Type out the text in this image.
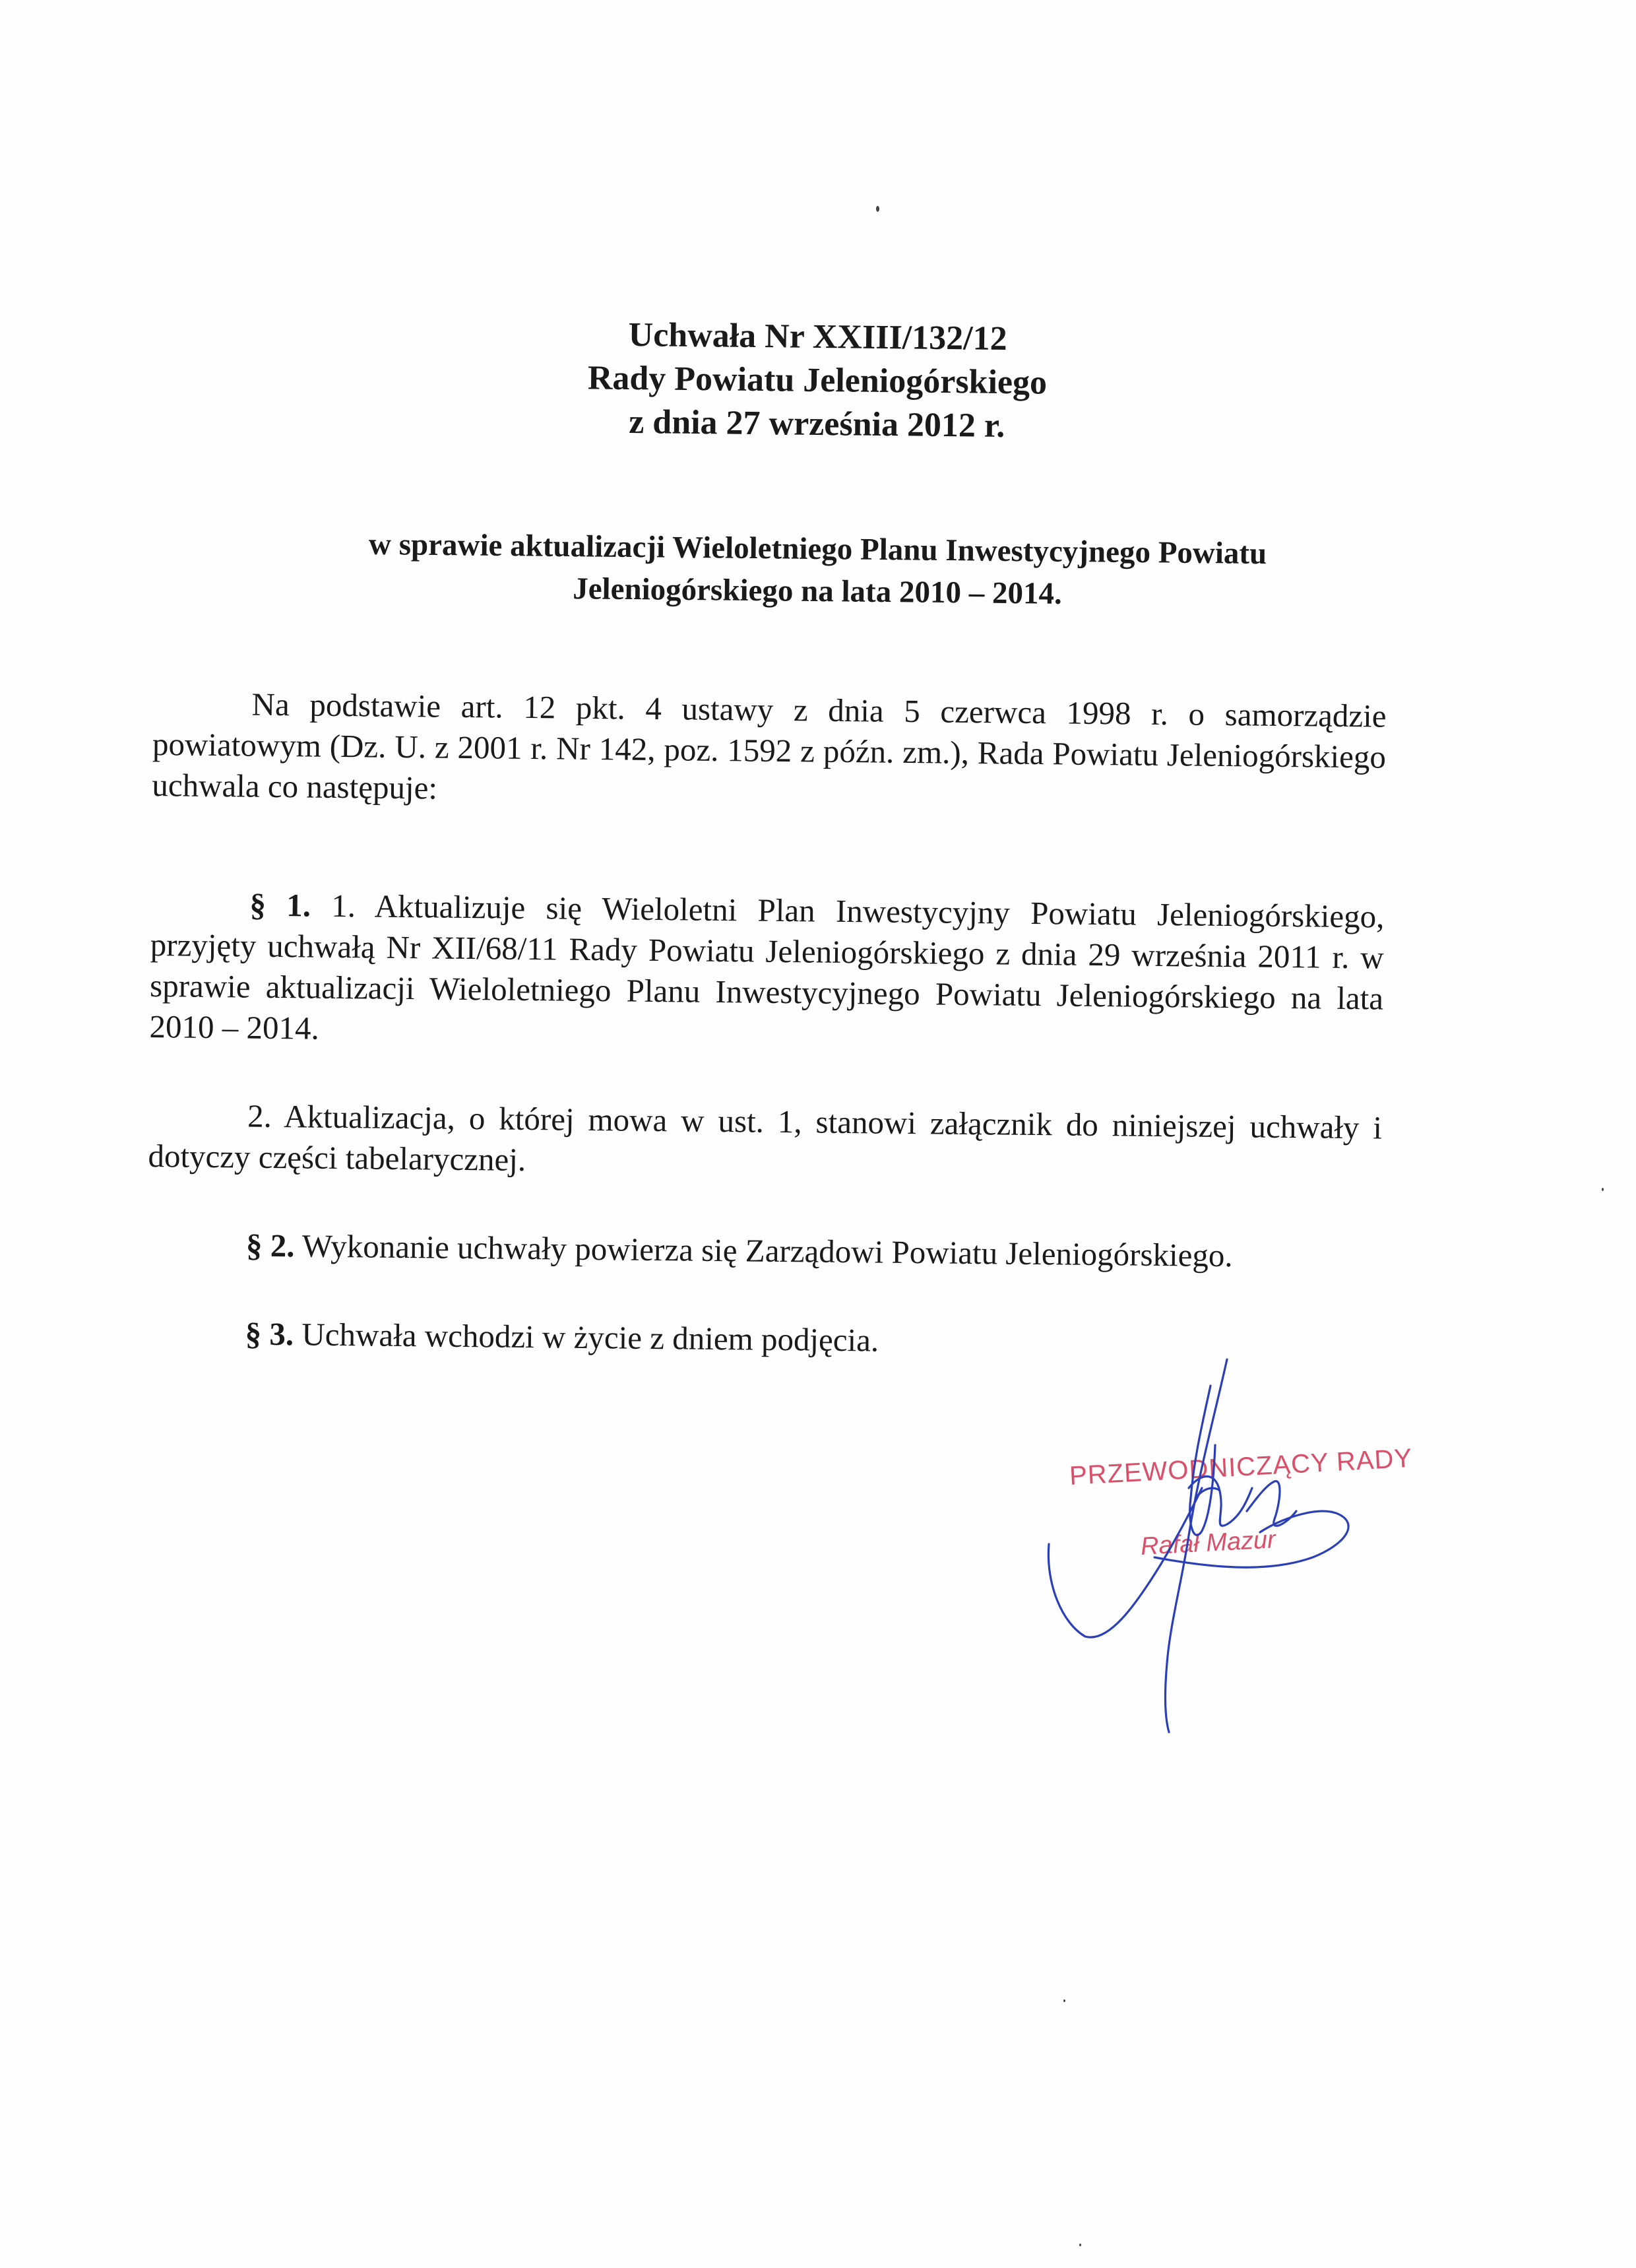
Uchwała Nr XXIII/132/12
Rady Powiatu Jeleniogórskiego
z dnia 27 września 2012 r.
w sprawie aktualizacji Wieloletniego Planu Inwestycyjnego Powiatu
Jeleniogórskiego na lata 2010 – 2014.

Na podstawie art. 12 pkt. 4 ustawy z dnia 5 czerwca 1998 r. o samorządzie powiatowym (Dz. U. z 2001 r. Nr 142, poz. 1592 z późn. zm.), Rada Powiatu Jeleniogórskiego uchwala co następuje:

§ 1. 1. Aktualizuje się Wieloletni Plan Inwestycyjny Powiatu Jeleniogórskiego, przyjęty uchwałą Nr XII/68/11 Rady Powiatu Jeleniogórskiego z dnia 29 września 2011 r. w sprawie aktualizacji Wieloletniego Planu Inwestycyjnego Powiatu Jeleniogórskiego na lata 2010 – 2014.

2. Aktualizacja, o której mowa w ust. 1, stanowi załącznik do niniejszej uchwały i dotyczy części tabelarycznej.

§ 2. Wykonanie uchwały powierza się Zarządowi Powiatu Jeleniogórskiego.

§ 3. Uchwała wchodzi w życie z dniem podjęcia.

PRZEWODNICZĄCY RADY
Rafał Mazur
